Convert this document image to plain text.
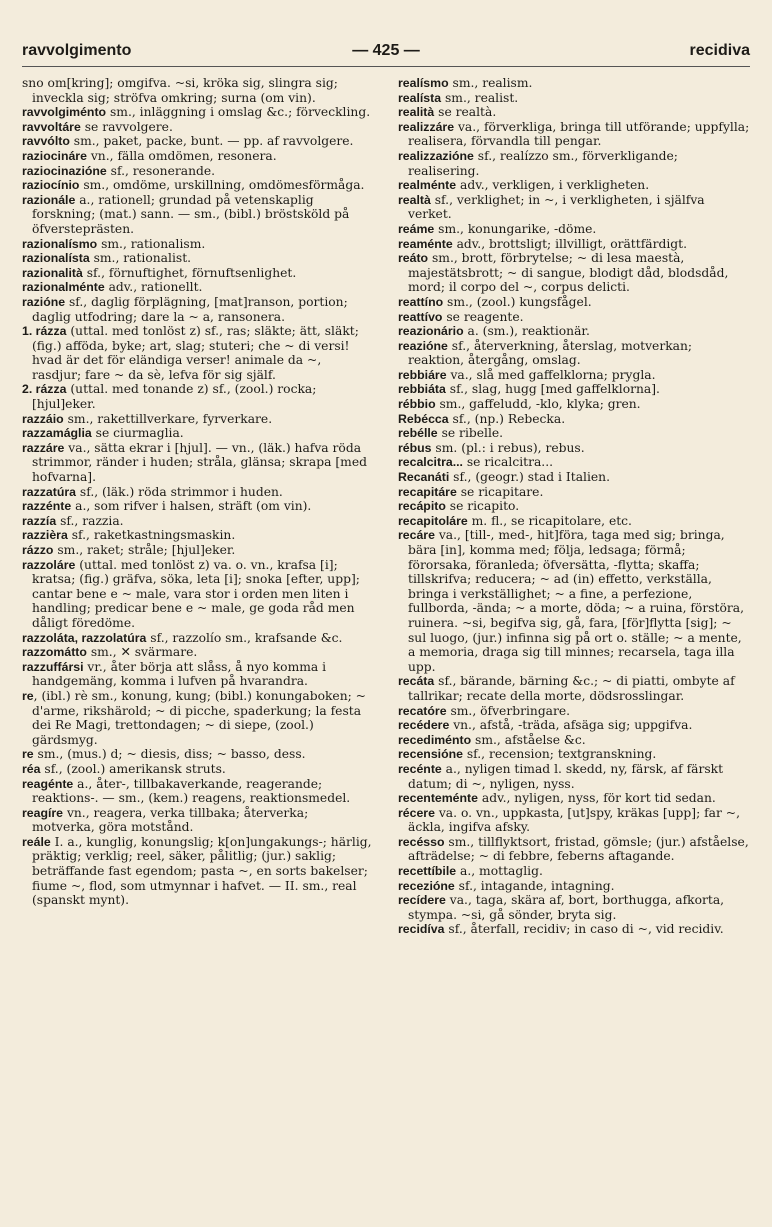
ravvolgimento	— 425 —	recidiva

sno om[kring]; omgifva. ~si, kröka sig, slingra sig; inveckla sig; ströfva omkring; surna (om vin).

ravvolgiménto sm., inläggning i omslag &c.; förveckling.

ravvoltáre se ravvolgere.

ravvólto sm., paket, packe, bunt. — pp. af ravvolgere.

raziocináre vn., fälla omdömen, resonera.

raziocinazióne sf., resonerande.

raziocínio sm., omdöme, urskillning, omdömesförmåga.

razionále a., rationell; grundad på vetenskaplig forskning; (mat.) sann. — sm., (bibl.) bröstsköld på öfversteprästen.

razionalísmo sm., rationalism.

razionalísta sm., rationalist.

razionalità sf., förnuftighet, förnuftsenlighet.

razionalménte adv., rationellt.

razióne sf., daglig förplägning, [mat]ranson, portion; daglig utfodring; dare la ~ a, ransonera.

1. rázza (uttal. med tonlöst z) sf., ras; släkte; ätt, släkt; (fig.) afföda, byke; art, slag; stuteri; che ~ di versi! hvad är det för eländiga verser! animale da ~, rasdjur; fare ~ da sè, lefva för sig själf.

2. rázza (uttal. med tonande z) sf., (zool.) rocka; [hjul]eker.

razzáio sm., rakettillverkare, fyrverkare.

razzamáglia se ciurmaglia.

razzáre va., sätta ekrar i [hjul]. — vn., (läk.) hafva röda strimmor, ränder i huden; stråla, glänsa; skrapa [med hofvarna].

razzatúra sf., (läk.) röda strimmor i huden.

razzénte a., som rifver i halsen, sträft (om vin).

razzía sf., razzia.

razzièra sf., raketkastningsmaskin.

rázzo sm., raket; stråle; [hjul]eker.

razzoláre (uttal. med tonlöst z) va. o. vn., krafsa [i]; kratsa; (fig.) gräfva, söka, leta [i]; snoka [efter, upp]; cantar bene e ~ male, vara stor i orden men liten i handling; predicar bene e ~ male, ge goda råd men dåligt föredöme.

razzoláta, razzolatúra sf., razzolío sm., krafsande &c.

razzomátto sm., ✕ svärmare.

razzuffársi vr., åter börja att slåss, å nyo komma i handgemäng, komma i lufven på hvarandra.

re, (ibl.) rè sm., konung, kung; (bibl.) konungaboken; ~ d'arme, rikshärold; ~ di picche, spaderkung; la festa dei Re Magi, trettondagen; ~ di siepe, (zool.) gärdsmyg.

re sm., (mus.) d; ~ diesis, diss; ~ basso, dess.

réa sf., (zool.) amerikansk struts.

reagénte a., åter-, tillbakaverkande, reagerande; reaktions-. — sm., (kem.) reagens, reaktionsmedel.

reagíre vn., reagera, verka tillbaka; återverka; motverka, göra motstånd.

reále I. a., kunglig, konungslig; k[on]ungakungs-; härlig, präktig; verklig; reel, säker, pålitlig; (jur.) saklig; beträffande fast egendom; pasta ~, en sorts bakelser; fiume ~, flod, som utmynnar i hafvet. — II. sm., real (spanskt mynt).

realísmo sm., realism.

realísta sm., realist.

realità se realtà.

realizzáre va., förverkliga, bringa till utförande; uppfylla; realisera, förvandla till pengar.

realizzazióne sf., realízzo sm., förverkligande; realisering.

realménte adv., verkligen, i verkligheten.

realtà sf., verklighet; in ~, i verkligheten, i själfva verket.

reáme sm., konungarike, -döme.

reaménte adv., brottsligt; illvilligt, orättfärdigt.

reáto sm., brott, förbrytelse; ~ di lesa maestà, majestätsbrott; ~ di sangue, blodigt dåd, blodsdåd, mord; il corpo del ~, corpus delicti.

reattíno sm., (zool.) kungsfågel.

reattívo se reagente.

reazionário a. (sm.), reaktionär.

reazióne sf., återverkning, återslag, motverkan; reaktion, återgång, omslag.

rebbiáre va., slå med gaffelklorna; prygla.

rebbiáta sf., slag, hugg [med gaffelklorna].

rébbio sm., gaffeludd, -klo, klyka; gren.

Rebécca sf., (np.) Rebecka.

rebélle se ribelle.

rébus sm. (pl.: i rebus), rebus.

recalcitra... se ricalcitra...

Recanáti sf., (geogr.) stad i Italien.

recapitáre se ricapitare.

recápito se ricapito.

recapitoláre m. fl., se ricapitolare, etc.

recáre va., [till-, med-, hit]föra, taga med sig; bringa, bära [in], komma med; följa, ledsaga; förmå; förorsaka, föranleda; öfversätta, -flytta; skaffa; tillskrifva; reducera; ~ ad (in) effetto, verkställa, bringa i verkställighet; ~ a fine, a perfezione, fullborda, -ända; ~ a morte, döda; ~ a ruina, förstöra, ruinera. ~si, begifva sig, gå, fara, [för]flytta [sig]; ~ sul luogo, (jur.) infinna sig på ort o. ställe; ~ a mente, a memoria, draga sig till minnes; recarsela, taga illa upp.

recáta sf., bärande, bärning &c.; ~ di piatti, ombyte af tallrikar; recate della morte, dödsrosslingar.

recatóre sm., öfverbringare.

recédere vn., afstå, -träda, afsäga sig; uppgifva.

recediménto sm., afståelse &c.

recensióne sf., recension; textgranskning.

recénte a., nyligen timad l. skedd, ny, färsk, af färskt datum; di ~, nyligen, nyss.

recenteménte adv., nyligen, nyss, för kort tid sedan.

récere va. o. vn., uppkasta, [ut]spy, kräkas [upp]; far ~, äckla, ingifva afsky.

recésso sm., tillflyktsort, fristad, gömsle; (jur.) afståelse, afträdelse; ~ di febbre, feberns aftagande.

recettíbile a., mottaglig.

recezióne sf., intagande, intagning.

recídere va., taga, skära af, bort, borthugga, afkorta, stympa. ~si, gå sönder, bryta sig.

recidíva sf., återfall, recidiv; in caso di ~, vid recidiv.
